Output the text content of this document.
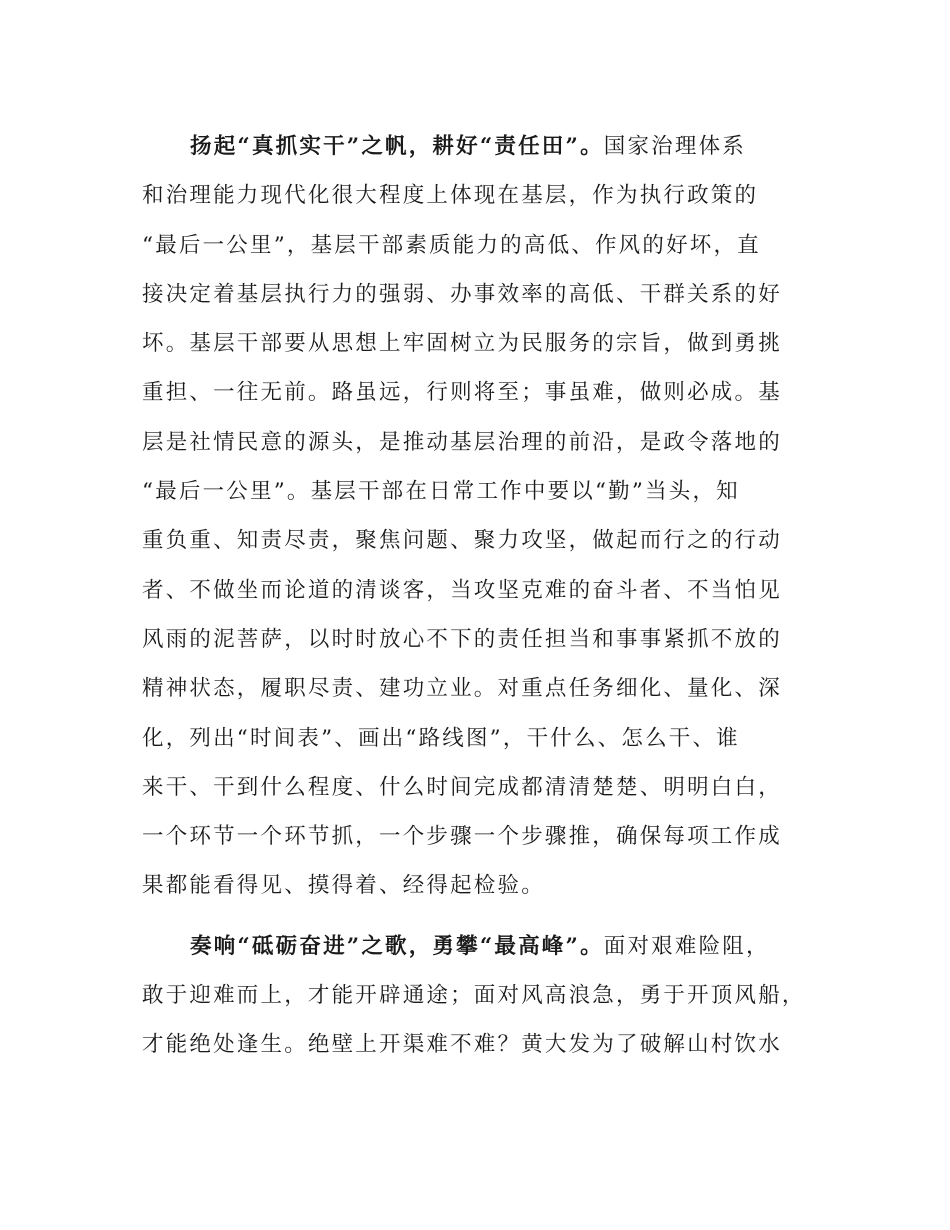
扬起“真抓实干”之帆，耕好“责任田”。国家治理体系
和治理能力现代化很大程度上体现在基层，作为执行政策的
“最后一公里”，基层干部素质能力的高低、作风的好坏，直
接决定着基层执行力的强弱、办事效率的高低、干群关系的好
坏。基层干部要从思想上牢固树立为民服务的宗旨，做到勇挑
重担、一往无前。路虽远，行则将至；事虽难，做则必成。基
层是社情民意的源头，是推动基层治理的前沿，是政令落地的
“最后一公里”。基层干部在日常工作中要以“勤”当头，知
重负重、知责尽责，聚焦问题、聚力攻坚，做起而行之的行动
者、不做坐而论道的清谈客，当攻坚克难的奋斗者、不当怕见
风雨的泥菩萨，以时时放心不下的责任担当和事事紧抓不放的
精神状态，履职尽责、建功立业。对重点任务细化、量化、深
化，列出“时间表”、画出“路线图”，干什么、怎么干、谁
来干、干到什么程度、什么时间完成都清清楚楚、明明白白，
一个环节一个环节抓，一个步骤一个步骤推，确保每项工作成
果都能看得见、摸得着、经得起检验。

奏响“砥砺奋进”之歌，勇攀“最高峰”。面对艰难险阻，
敢于迎难而上，才能开辟通途；面对风高浪急，勇于开顶风船，
才能绝处逢生。绝壁上开渠难不难？黄大发为了破解山村饮水
